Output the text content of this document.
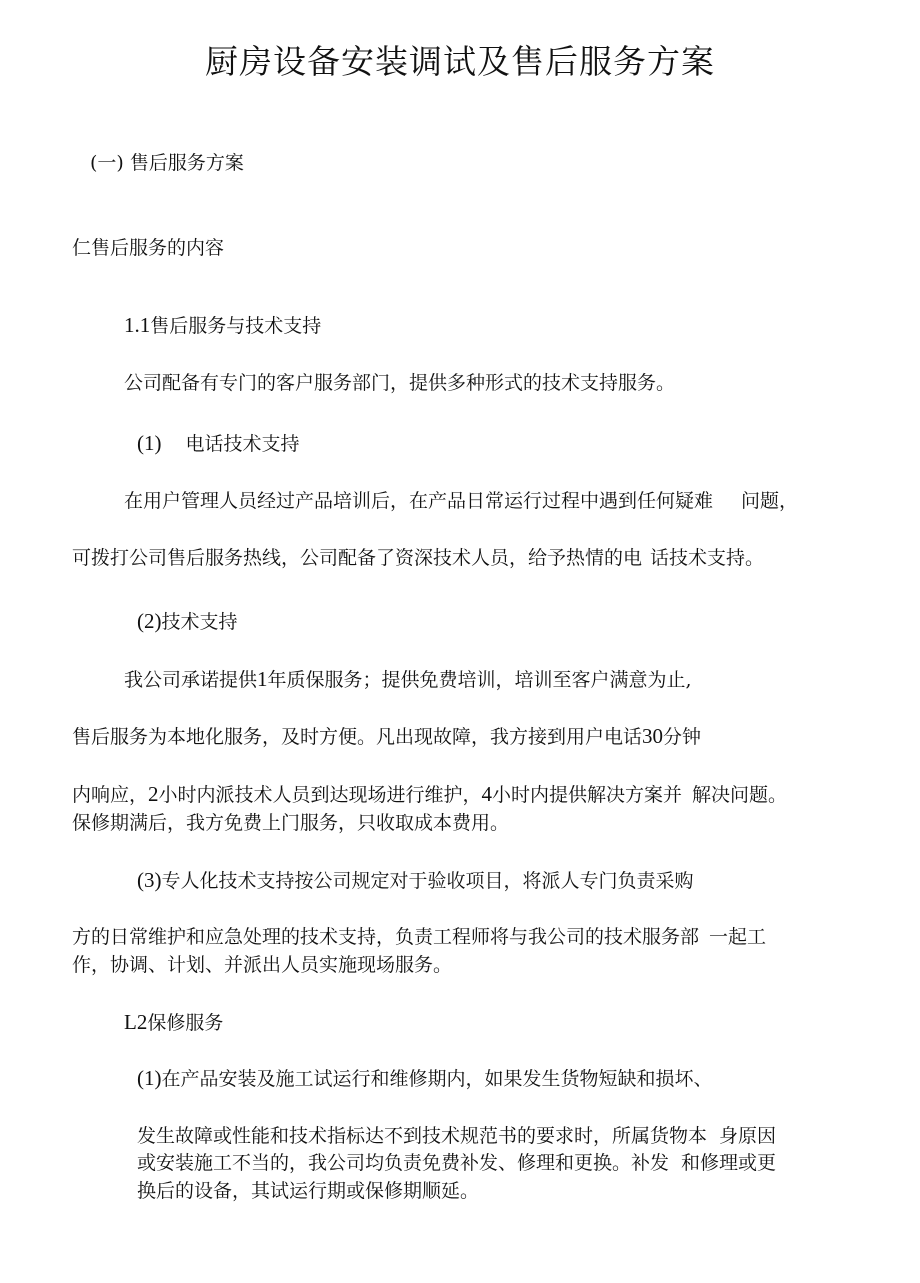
厨房设备安装调试及售后服务方案
(一) 售后服务方案
仁售后服务的内容
1.1售后服务与技术支持
公司配备有专门的客户服务部门，提供多种形式的技术支持服务。
(1) 电话技术支持
在用户管理人员经过产品培训后，在产品日常运行过程中遇到任何疑难 问题，
可拨打公司售后服务热线，公司配备了资深技术人员，给予热情的电 话技术支持。
(2)技术支持
我公司承诺提供1年质保服务；提供免费培训，培训至客户满意为止,
售后服务为本地化服务，及时方便。凡出现故障，我方接到用户电话30分钟
内响应，2小时内派技术人员到达现场进行维护，4小时内提供解决方案并 解决问题。
保修期满后，我方免费上门服务，只收取成本费用。
(3)专人化技术支持按公司规定对于验收项目，将派人专门负责采购
方的日常维护和应急处理的技术支持，负责工程师将与我公司的技术服务部 一起工
作，协调、计划、并派出人员实施现场服务。
L2保修服务
(1)在产品安装及施工试运行和维修期内，如果发生货物短缺和损坏、
发生故障或性能和技术指标达不到技术规范书的要求时，所属货物本 身原因
或安装施工不当的，我公司均负责免费补发、修理和更换。补发 和修理或更
换后的设备，其试运行期或保修期顺延。
